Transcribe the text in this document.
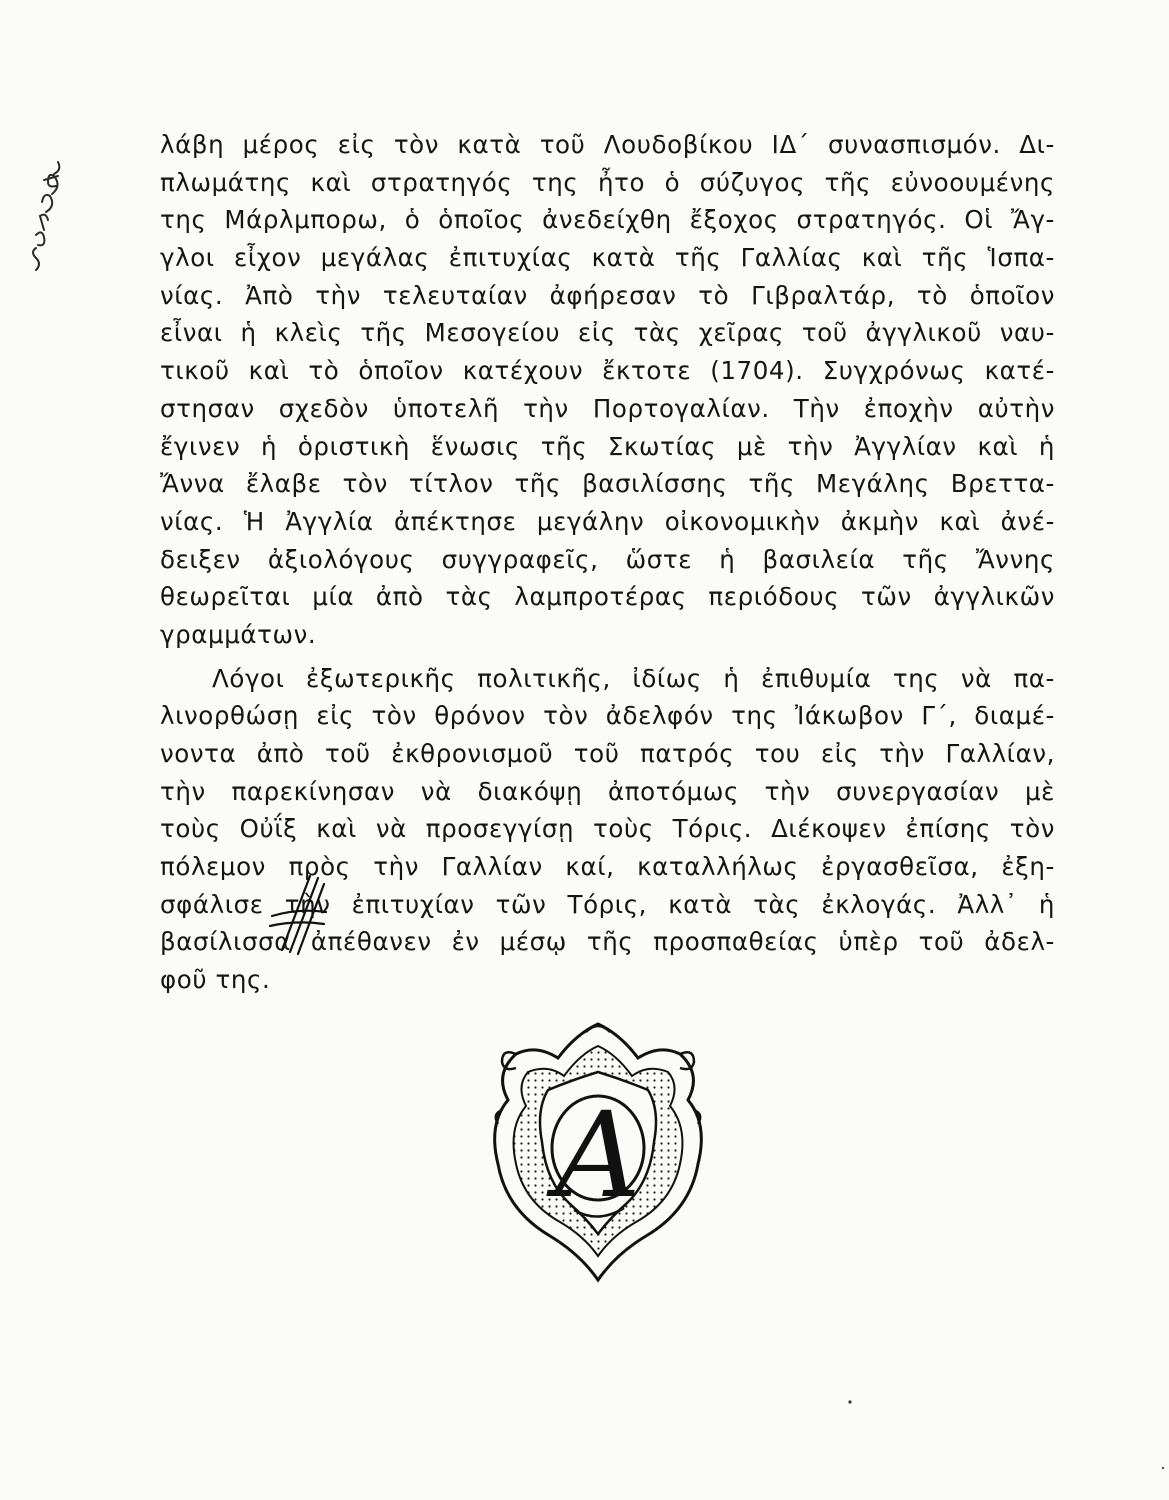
λάβη μέρος εἰς τὸν κατὰ τοῦ Λουδοβίκου ΙΔ΄ συνασπισμόν. Δι-
πλωμάτης καὶ στρατηγός της ἦτο ὁ σύζυγος τῆς εὐνοουμένης
της Μάρλμπορω, ὁ ὁποῖος ἀνεδείχθη ἔξοχος στρατηγός. Οἱ Ἄγ-
γλοι εἶχον μεγάλας ἐπιτυχίας κατὰ τῆς Γαλλίας καὶ τῆς Ἱσπα-
νίας. Ἀπὸ τὴν τελευταίαν ἀφήρεσαν τὸ Γιβραλτάρ, τὸ ὁποῖον
εἶναι ἡ κλεὶς τῆς Μεσογείου εἰς τὰς χεῖρας τοῦ ἀγγλικοῦ ναυ-
τικοῦ καὶ τὸ ὁποῖον κατέχουν ἔκτοτε (1704). Συγχρόνως κατέ-
στησαν σχεδὸν ὑποτελῆ τὴν Πορτογαλίαν. Τὴν ἐποχὴν αὐτὴν
ἔγινεν ἡ ὁριστικὴ ἕνωσις τῆς Σκωτίας μὲ τὴν Ἀγγλίαν καὶ ἡ
Ἄννα ἔλαβε τὸν τίτλον τῆς βασιλίσσης τῆς Μεγάλης Βρεττα-
νίας. Ἡ Ἀγγλία ἀπέκτησε μεγάλην οἰκονομικὴν ἀκμὴν καὶ ἀνέ-
δειξεν ἀξιολόγους συγγραφεῖς, ὥστε ἡ βασιλεία τῆς Ἄννης
θεωρεῖται μία ἀπὸ τὰς λαμπροτέρας περιόδους τῶν ἀγγλικῶν
γραμμάτων.
Λόγοι ἐξωτερικῆς πολιτικῆς, ἰδίως ἡ ἐπιθυμία της νὰ πα-
λινορθώσῃ εἰς τὸν θρόνον τὸν ἀδελφόν της Ἰάκωβον Γ΄, διαμέ-
νοντα ἀπὸ τοῦ ἐκθρονισμοῦ τοῦ πατρός του εἰς τὴν Γαλλίαν,
τὴν παρεκίνησαν νὰ διακόψῃ ἀποτόμως τὴν συνεργασίαν μὲ
τοὺς Οὐΐξ καὶ νὰ προσεγγίσῃ τοὺς Τόρις. Διέκοψεν ἐπίσης τὸν
πόλεμον πρὸς τὴν Γαλλίαν καί, καταλλήλως ἐργασθεῖσα, ἐξη-
σφάλισε τὴν ἐπιτυχίαν τῶν Τόρις, κατὰ τὰς ἐκλογάς. Ἀλλ᾽ ἡ
βασίλισσα ἀπέθανεν ἐν μέσῳ τῆς προσπαθείας ὑπὲρ τοῦ ἀδελ-
φοῦ της.
Α
